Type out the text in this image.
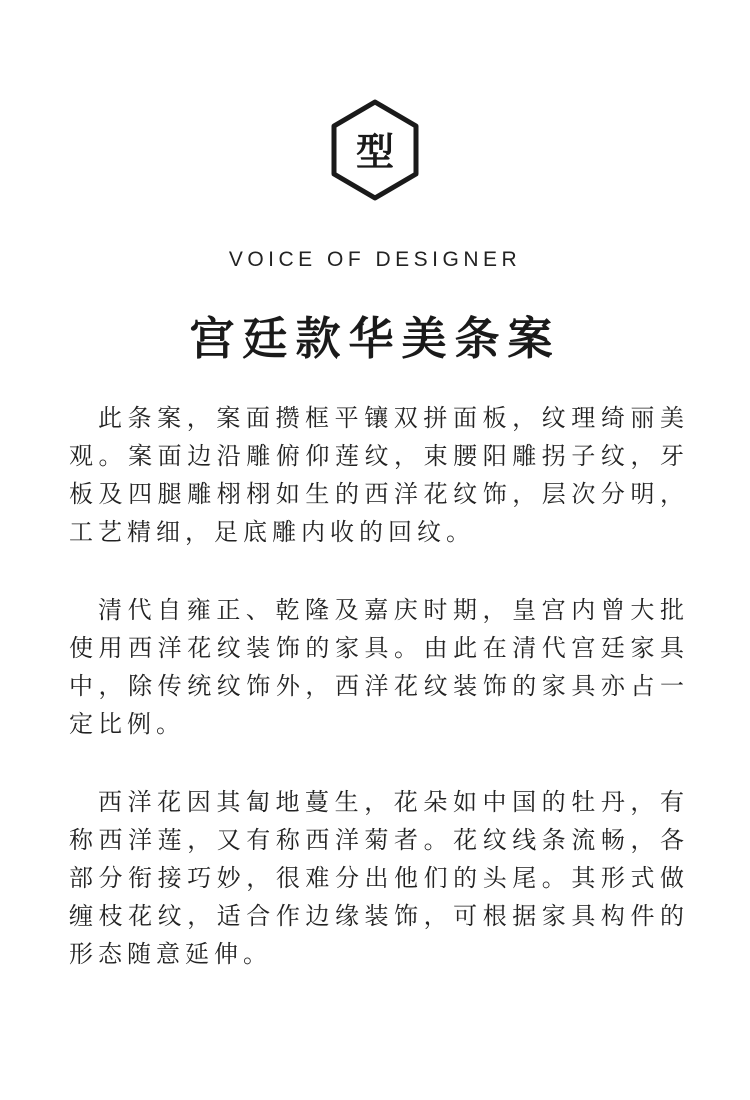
型
VOICE OF DESIGNER
宫廷款华美条案

此条案，案面攒框平镶双拼面板，纹理绮丽美观。案面边沿雕俯仰莲纹，束腰阳雕拐子纹，牙板及四腿雕栩栩如生的西洋花纹饰，层次分明，工艺精细，足底雕内收的回纹。

清代自雍正、乾隆及嘉庆时期，皇宫内曾大批使用西洋花纹装饰的家具。由此在清代宫廷家具中，除传统纹饰外，西洋花纹装饰的家具亦占一定比例。

西洋花因其匐地蔓生，花朵如中国的牡丹，有称西洋莲，又有称西洋菊者。花纹线条流畅，各部分衔接巧妙，很难分出他们的头尾。其形式做缠枝花纹，适合作边缘装饰，可根据家具构件的形态随意延伸。
